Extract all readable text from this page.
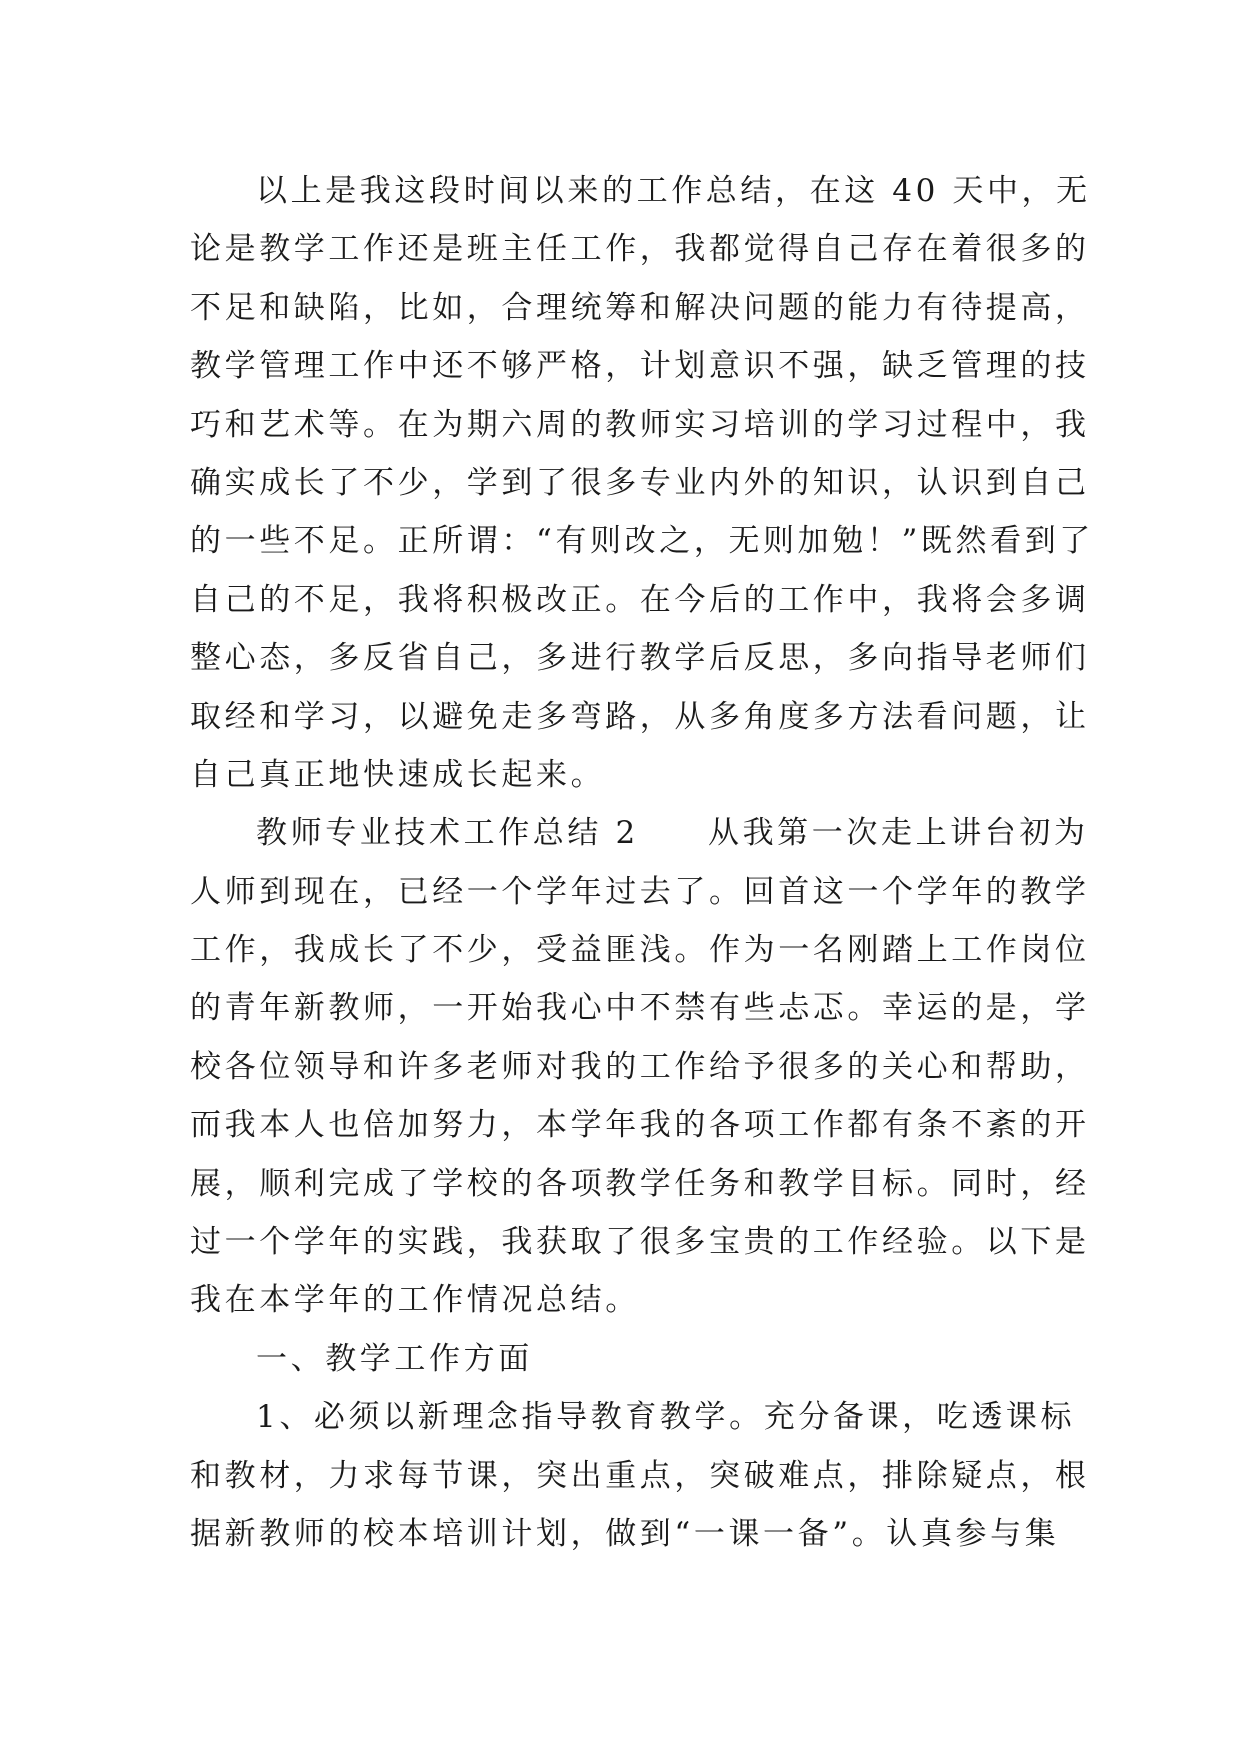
以上是我这段时间以来的工作总结，在这 40 天中，无
论是教学工作还是班主任工作，我都觉得自己存在着很多的
不足和缺陷，比如，合理统筹和解决问题的能力有待提高，
教学管理工作中还不够严格，计划意识不强，缺乏管理的技
巧和艺术等。在为期六周的教师实习培训的学习过程中，我
确实成长了不少，学到了很多专业内外的知识，认识到自己
的一些不足。正所谓：“有则改之，无则加勉！”既然看到了
自己的不足，我将积极改正。在今后的工作中，我将会多调
整心态，多反省自己，多进行教学后反思，多向指导老师们
取经和学习，以避免走多弯路，从多角度多方法看问题，让
自己真正地快速成长起来。
教师专业技术工作总结 2　　从我第一次走上讲台初为
人师到现在，已经一个学年过去了。回首这一个学年的教学
工作，我成长了不少，受益匪浅。作为一名刚踏上工作岗位
的青年新教师，一开始我心中不禁有些忐忑。幸运的是，学
校各位领导和许多老师对我的工作给予很多的关心和帮助，
而我本人也倍加努力，本学年我的各项工作都有条不紊的开
展，顺利完成了学校的各项教学任务和教学目标。同时，经
过一个学年的实践，我获取了很多宝贵的工作经验。以下是
我在本学年的工作情况总结。
一、教学工作方面
1、必须以新理念指导教育教学。充分备课，吃透课标
和教材，力求每节课，突出重点，突破难点，排除疑点，根
据新教师的校本培训计划，做到“一课一备”。认真参与集
